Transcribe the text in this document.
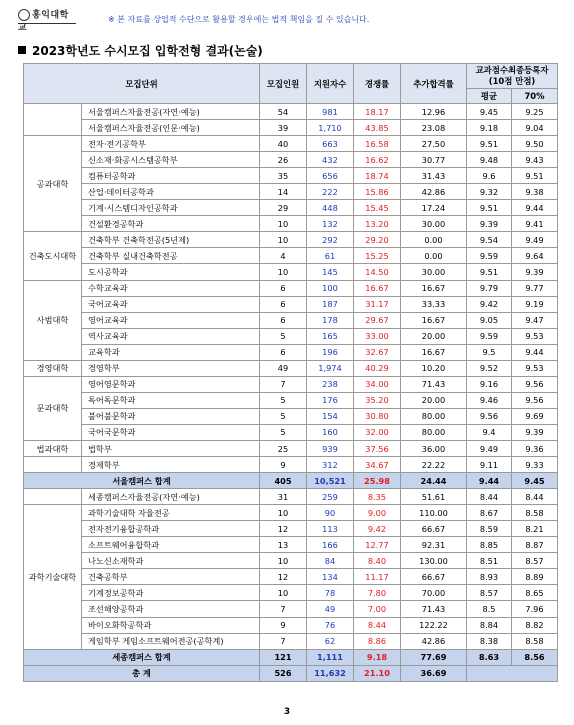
홍익대학교
※ 본 자료를 상업적 수단으로 활용할 경우에는 법적 책임을 질 수 있습니다.
2023학년도 수시모집 입학전형 결과(논술)
모집단위		모집인원	지원자수	경쟁률	추가합격률	교과점수최종등록자
(10점 만점)	
						평균	70%
	서울캠퍼스자율전공(자연·예능)	54	981	18.17	12.96	9.45	9.25
	서울캠퍼스자율전공(인문·예능)	39	1,710	43.85	23.08	9.18	9.04
공과대학	전자·전기공학부	40	663	16.58	27.50	9.51	9.50
	신소재·화공시스템공학부	26	432	16.62	30.77	9.48	9.43
	컴퓨터공학과	35	656	18.74	31.43	9.6	9.51
	산업·데이터공학과	14	222	15.86	42.86	9.32	9.38
	기계·시스템디자인공학과	29	448	15.45	17.24	9.51	9.44
	건설환경공학과	10	132	13.20	30.00	9.39	9.41
건축도시대학	건축학부 건축학전공(5년제)	10	292	29.20	0.00	9.54	9.49
	건축학부 실내건축학전공	4	61	15.25	0.00	9.59	9.64
	도시공학과	10	145	14.50	30.00	9.51	9.39
사범대학	수학교육과	6	100	16.67	16.67	9.79	9.77
	국어교육과	6	187	31.17	33.33	9.42	9.19
	영어교육과	6	178	29.67	16.67	9.05	9.47
	역사교육과	5	165	33.00	20.00	9.59	9.53
	교육학과	6	196	32.67	16.67	9.5	9.44
경영대학	경영학부	49	1,974	40.29	10.20	9.52	9.53
문과대학	영어영문학과	7	238	34.00	71.43	9.16	9.56
	독어독문학과	5	176	35.20	20.00	9.46	9.56
	불어불문학과	5	154	30.80	80.00	9.56	9.69
	국어국문학과	5	160	32.00	80.00	9.4	9.39
법과대학	법학부	25	939	37.56	36.00	9.49	9.36
	경제학부	9	312	34.67	22.22	9.11	9.33
서울캠퍼스 합계		405	10,521	25.98	24.44	9.44	9.45
	세종캠퍼스자율전공(자연·예능)	31	259	8.35	51.61	8.44	8.44
과학기술대학	과학기술대학 자율전공	10	90	9.00	110.00	8.67	8.58
	전자전기융합공학과	12	113	9.42	66.67	8.59	8.21
	소프트웨어융합학과	13	166	12.77	92.31	8.85	8.87
	나노신소재학과	10	84	8.40	130.00	8.51	8.57
	건축공학부	12	134	11.17	66.67	8.93	8.89
	기계정보공학과	10	78	7.80	70.00	8.57	8.65
	조선해양공학과	7	49	7.00	71.43	8.5	7.96
	바이오화학공학과	9	76	8.44	122.22	8.84	8.82
	게임학부 게임소프트웨어전공(공학계)	7	62	8.86	42.86	8.38	8.58
세종캠퍼스 합계		121	1,111	9.18	77.69	8.63	8.56
총 계		526	11,632	21.10	36.69		
3
